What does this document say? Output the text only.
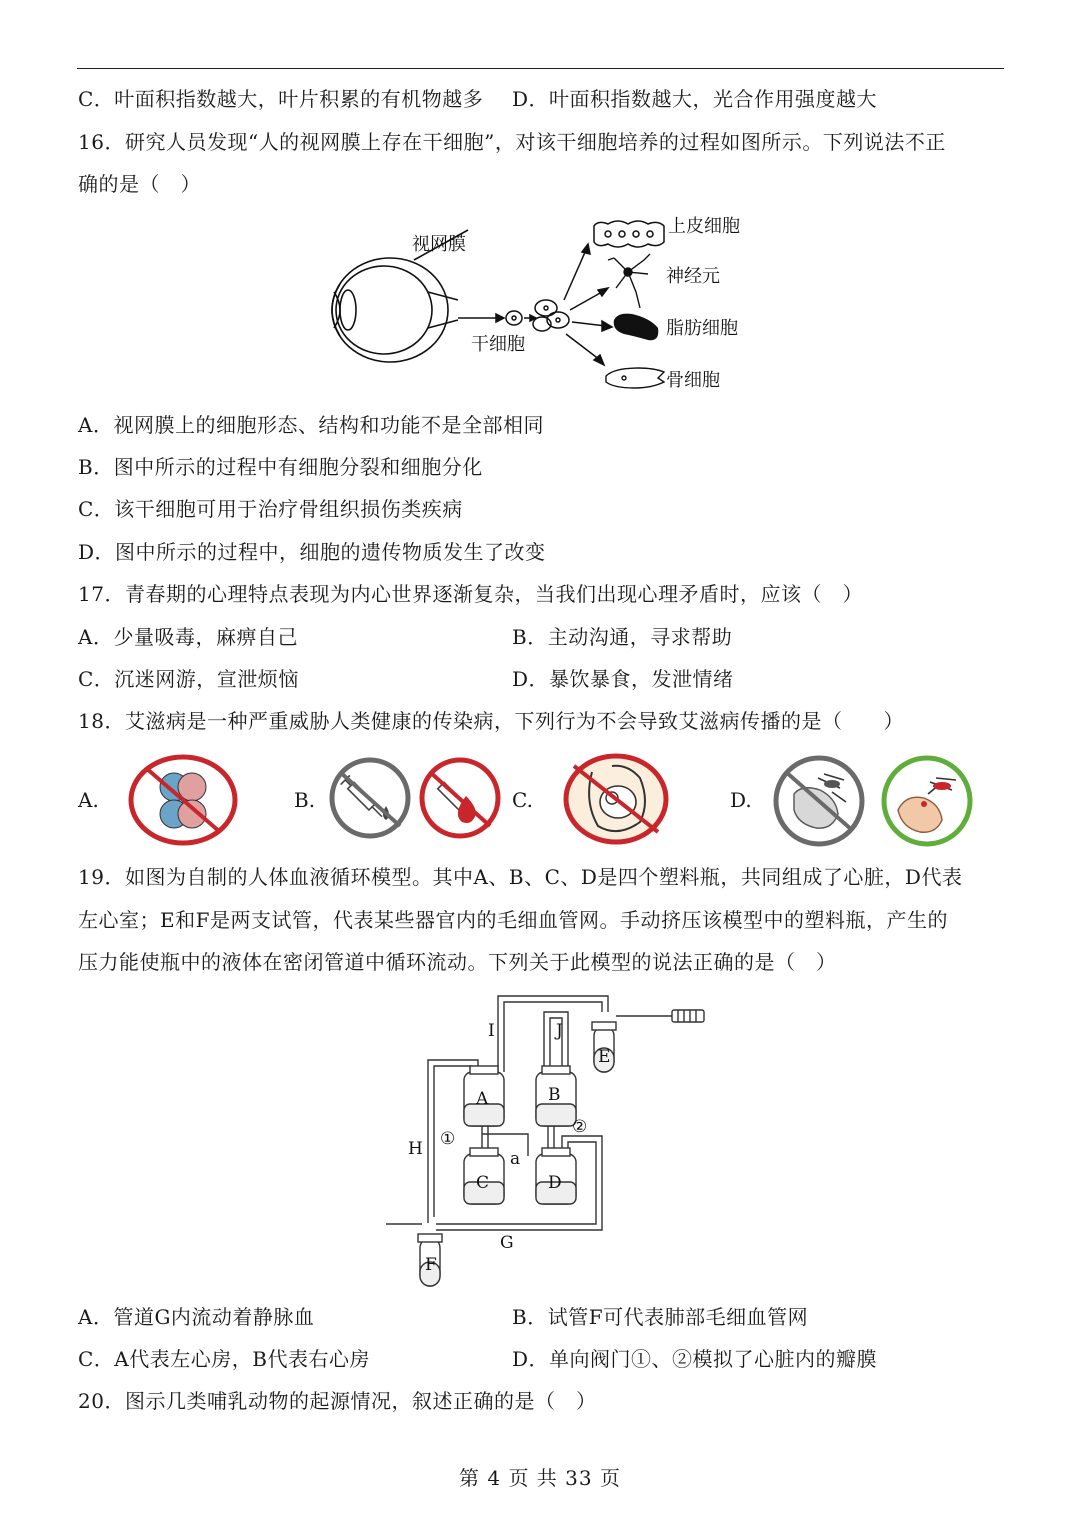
C．叶面积指数越大，叶片积累的有机物越多 D．叶面积指数越大，光合作用强度越大
16．研究人员发现“人的视网膜上存在干细胞”，对该干细胞培养的过程如图所示。下列说法不正
确的是（　）
视网膜
干细胞
上皮细胞
神经元
脂肪细胞
骨细胞
A．视网膜上的细胞形态、结构和功能不是全部相同
B．图中所示的过程中有细胞分裂和细胞分化
C．该干细胞可用于治疗骨组织损伤类疾病
D．图中所示的过程中，细胞的遗传物质发生了改变
17．青春期的心理特点表现为内心世界逐渐复杂，当我们出现心理矛盾时，应该（　）
A．少量吸毒，麻痹自己	B．主动沟通，寻求帮助
C．沉迷网游，宣泄烦恼	D．暴饮暴食，发泄情绪
18．艾滋病是一种严重威胁人类健康的传染病，下列行为不会导致艾滋病传播的是（　　）
A.	B.	C.	D.
19．如图为自制的人体血液循环模型。其中A、B、C、D是四个塑料瓶，共同组成了心脏，D代表
左心室；E和F是两支试管，代表某些器官内的毛细血管网。手动挤压该模型中的塑料瓶，产生的
压力能使瓶中的液体在密闭管道中循环流动。下列关于此模型的说法正确的是（　）
A	B
C	D
E
F
G
H
I	J
a
①
②
A．管道G内流动着静脉血	B．试管F可代表肺部毛细血管网
C．A代表左心房，B代表右心房	D．单向阀门①、②模拟了心脏内的瓣膜
20．图示几类哺乳动物的起源情况，叙述正确的是（　）
第 4 页 共 33 页
